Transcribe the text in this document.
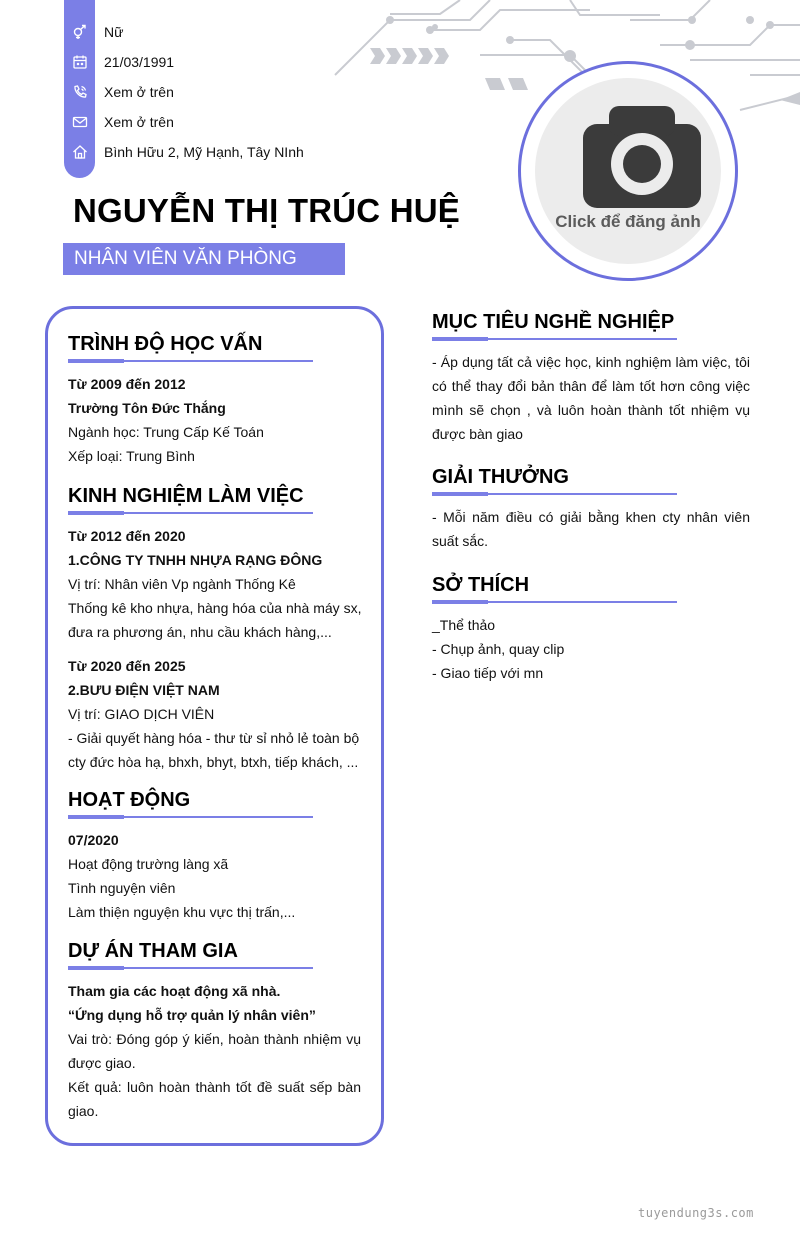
Nữ
21/03/1991
Xem ở trên
Xem ở trên
Bình Hữu 2, Mỹ Hạnh, Tây NInh
NGUYỄN THỊ TRÚC HUỆ
NHÂN VIÊN VĂN PHÒNG
Click để đăng ảnh
TRÌNH ĐỘ HỌC VẤN

Từ 2009 đến 2012

Trường Tôn Đức Thắng

Ngành học: Trung Cấp Kế Toán

Xếp loại: Trung Bình

KINH NGHIỆM LÀM VIỆC

Từ 2012 đến 2020

1.CÔNG TY TNHH NHỰA RẠNG ĐÔNG

Vị trí: Nhân viên Vp ngành Thống Kê

Thống kê kho nhựa, hàng hóa của nhà máy sx,

đưa ra phương án, nhu cầu khách hàng,...

Từ 2020 đến 2025

2.BƯU ĐIỆN VIỆT NAM

Vị trí: GIAO DỊCH VIÊN

- Giải quyết hàng hóa - thư từ sỉ nhỏ lẻ toàn bộ

cty đức hòa hạ, bhxh, bhyt, btxh, tiếp khách, ...

HOẠT ĐỘNG

07/2020

Hoạt động trường làng xã

Tình nguyện viên

Làm thiện nguyện khu vực thị trấn,...

DỰ ÁN THAM GIA

Tham gia các hoạt động xã nhà.

“Ứng dụng hỗ trợ quản lý nhân viên”

Vai trò: Đóng góp ý kiến, hoàn thành nhiệm vụ được giao.

Kết quả: luôn hoàn thành tốt đề suất sếp bàn giao.

MỤC TIÊU NGHỀ NGHIỆP

- Áp dụng tất cả việc học, kinh nghiệm làm việc, tôi có thể thay đổi bản thân để làm tốt hơn công việc mình sẽ chọn , và luôn hoàn thành tốt nhiệm vụ được bàn giao

GIẢI THƯỞNG

- Mỗi năm điều có giải bằng khen cty nhân viên suất sắc.

SỞ THÍCH

_Thể thảo

- Chụp ảnh, quay clip

- Giao tiếp với mn

tuyendung3s.com
